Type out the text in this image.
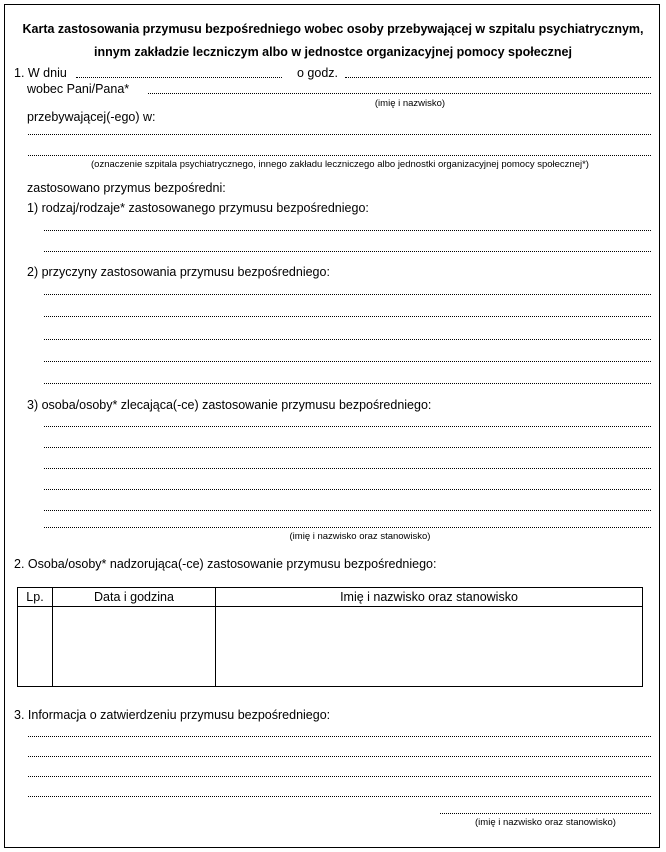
Karta zastosowania przymusu bezpośredniego wobec osoby przebywającej w szpitalu psychiatrycznym,
innym zakładzie leczniczym albo w jednostce organizacyjnej pomocy społecznej
1. W dniu	o godz.
wobec Pani/Pana*
(imię i nazwisko)
przebywającej(-ego) w:
(oznaczenie szpitala psychiatrycznego, innego zakładu leczniczego albo jednostki organizacyjnej pomocy społecznej*)
zastosowano przymus bezpośredni:
1) rodzaj/rodzaje* zastosowanego przymusu bezpośredniego:
2) przyczyny zastosowania przymusu bezpośredniego:
3) osoba/osoby* zlecająca(-ce) zastosowanie przymusu bezpośredniego:
(imię i nazwisko oraz stanowisko)
2. Osoba/osoby* nadzorująca(-ce) zastosowanie przymusu bezpośredniego:
Lp.	Data i godzina	Imię i nazwisko oraz stanowisko

3. Informacja o zatwierdzeniu przymusu bezpośredniego:
(imię i nazwisko oraz stanowisko)
